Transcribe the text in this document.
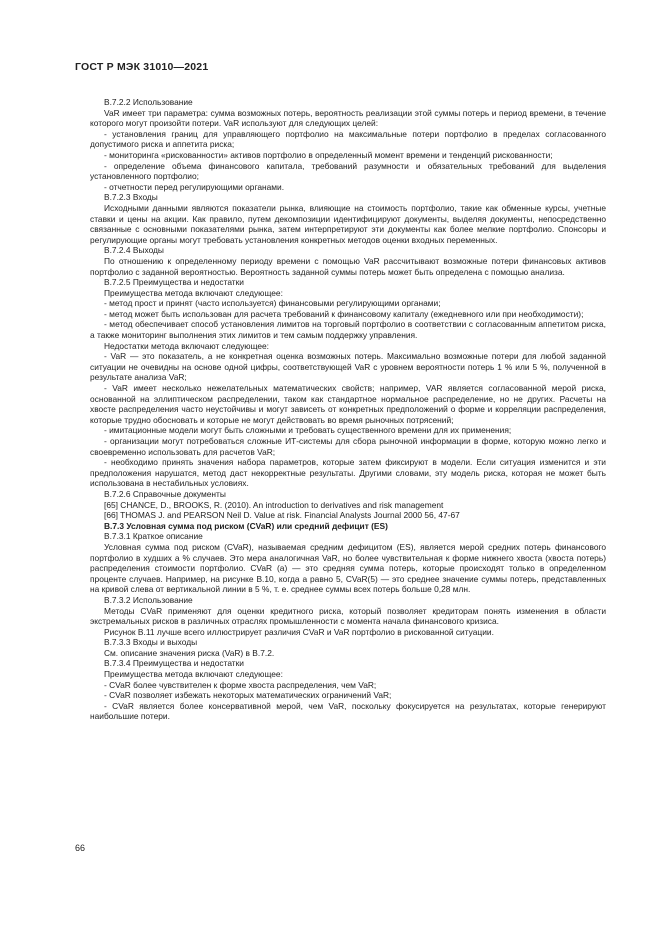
ГОСТ Р МЭК 31010—2021

В.7.2.2 Использование

VaR имеет три параметра: сумма возможных потерь, вероятность реализации этой суммы потерь и период времени, в течение которого могут произойти потери. VaR используют для следующих целей:

- установления границ для управляющего портфолио на максимальные потери портфолио в пределах согласованного допустимого риска и аппетита риска;

- мониторинга «рискованности» активов портфолио в определенный момент времени и тенденций рискованности;

- определение объема финансового капитала, требований разумности и обязательных требований для выделения установленного портфолио;

- отчетности перед регулирующими органами.

В.7.2.3 Входы

Исходными данными являются показатели рынка, влияющие на стоимость портфолио, такие как обменные курсы, учетные ставки и цены на акции. Как правило, путем декомпозиции идентифицируют документы, выделяя документы, непосредственно связанные с основными показателями рынка, затем интерпретируют эти документы как более мелкие портфолио. Спонсоры и регулирующие органы могут требовать установления конкретных методов оценки входных переменных.

В.7.2.4 Выходы

По отношению к определенному периоду времени с помощью VaR рассчитывают возможные потери финансовых активов портфолио с заданной вероятностью. Вероятность заданной суммы потерь может быть определена с помощью анализа.

В.7.2.5 Преимущества и недостатки

Преимущества метода включают следующее:

- метод прост и принят (часто используется) финансовыми регулирующими органами;

- метод может быть использован для расчета требований к финансовому капиталу (ежедневного или при необходимости);

- метод обеспечивает способ установления лимитов на торговый портфолио в соответствии с согласованным аппетитом риска, а также мониторинг выполнения этих лимитов и тем самым поддержку управления.

Недостатки метода включают следующее:

- VaR — это показатель, а не конкретная оценка возможных потерь. Максимально возможные потери для любой заданной ситуации не очевидны на основе одной цифры, соответствующей VaR с уровнем вероятности потерь 1 % или 5 %, полученной в результате анализа VaR;

- VaR имеет несколько нежелательных математических свойств; например, VAR является согласованной мерой риска, основанной на эллиптическом распределении, таком как стандартное нормальное распределение, но не других. Расчеты на хвосте распределения часто неустойчивы и могут зависеть от конкретных предположений о форме и корреляции распределения, которые трудно обосновать и которые не могут действовать во время рыночных потрясений;

- имитационные модели могут быть сложными и требовать существенного времени для их применения;

- организации могут потребоваться сложные ИТ-системы для сбора рыночной информации в форме, которую можно легко и своевременно использовать для расчетов VaR;

- необходимо принять значения набора параметров, которые затем фиксируют в модели. Если ситуация изменится и эти предположения нарушатся, метод даст некорректные результаты. Другими словами, эту модель риска, которая не может быть использована в нестабильных условиях.

В.7.2.6 Справочные документы

[65] CHANCE, D., BROOKS, R. (2010). An introduction to derivatives and risk management

[66] THOMAS J. and PEARSON Neil D. Value at risk. Financial Analysts Journal 2000 56, 47-67

В.7.3 Условная сумма под риском (CVaR) или средний дефицит (ES)

В.7.3.1 Краткое описание

Условная сумма под риском (CVaR), называемая средним дефицитом (ES), является мерой средних потерь финансового портфолио в худших a % случаев. Это мера аналогичная VaR, но более чувствительная к форме нижнего хвоста (хвоста потерь) распределения стоимости портфолио. CVaR (a) — это средняя сумма потерь, которые происходят только в определенном проценте случаев. Например, на рисунке В.10, когда a равно 5, CVaR(5) — это среднее значение суммы потерь, представленных на кривой слева от вертикальной линии в 5 %, т. е. среднее суммы всех потерь больше 0,28 млн.

В.7.3.2 Использование

Методы CVaR применяют для оценки кредитного риска, который позволяет кредиторам понять изменения в области экстремальных рисков в различных отраслях промышленности с момента начала финансового кризиса.

Рисунок В.11 лучше всего иллюстрирует различия CVaR и VaR портфолио в рискованной ситуации.

В.7.3.3 Входы и выходы

См. описание значения риска (VaR) в В.7.2.

В.7.3.4 Преимущества и недостатки

Преимущества метода включают следующее:

- CVaR более чувствителен к форме хвоста распределения, чем VaR;

- CVaR позволяет избежать некоторых математических ограничений VaR;

- CVaR является более консервативной мерой, чем VaR, поскольку фокусируется на результатах, которые генерируют наибольшие потери.

66
